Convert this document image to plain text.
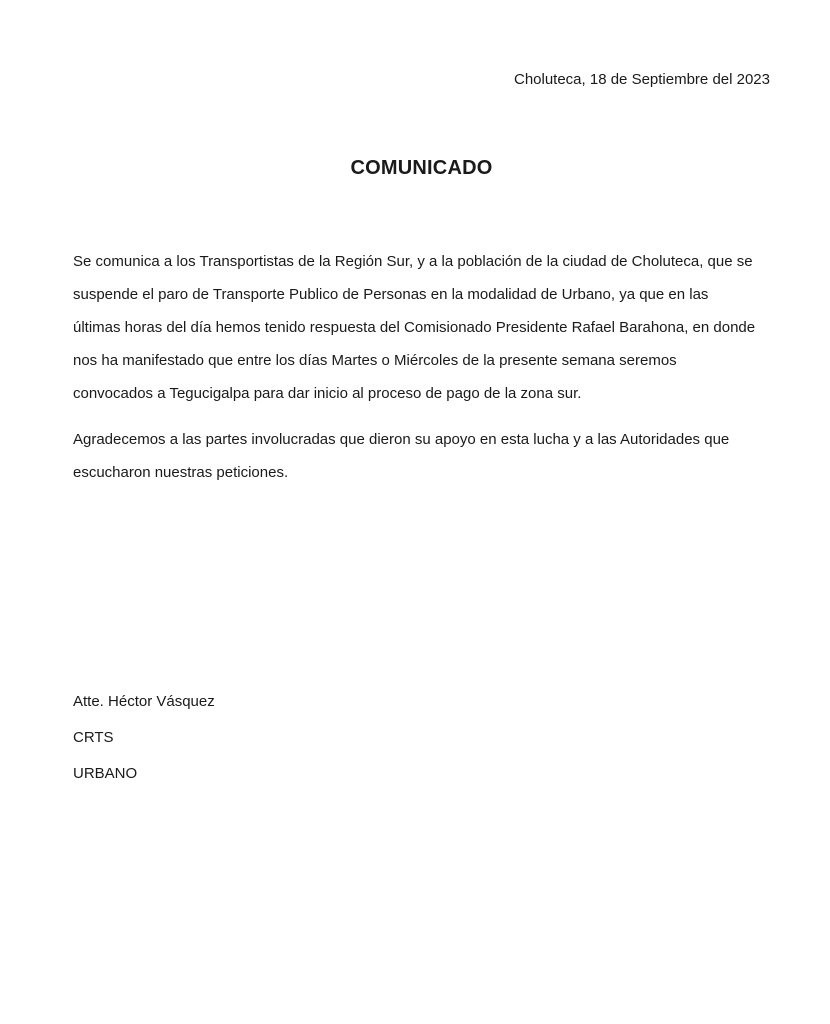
Choluteca, 18 de Septiembre del 2023
COMUNICADO
Se comunica a los Transportistas de la Región Sur, y a la población de la ciudad de Choluteca, que se suspende el paro de Transporte Publico de Personas en la modalidad de Urbano, ya que en las últimas horas del día hemos tenido respuesta del Comisionado Presidente Rafael Barahona, en donde nos ha manifestado que entre los días Martes o Miércoles de la presente semana seremos convocados a Tegucigalpa para dar inicio al proceso de pago de la zona sur.
Agradecemos a las partes involucradas que dieron su apoyo en esta lucha y a las Autoridades que escucharon nuestras peticiones.
Atte. Héctor Vásquez
CRTS
URBANO
